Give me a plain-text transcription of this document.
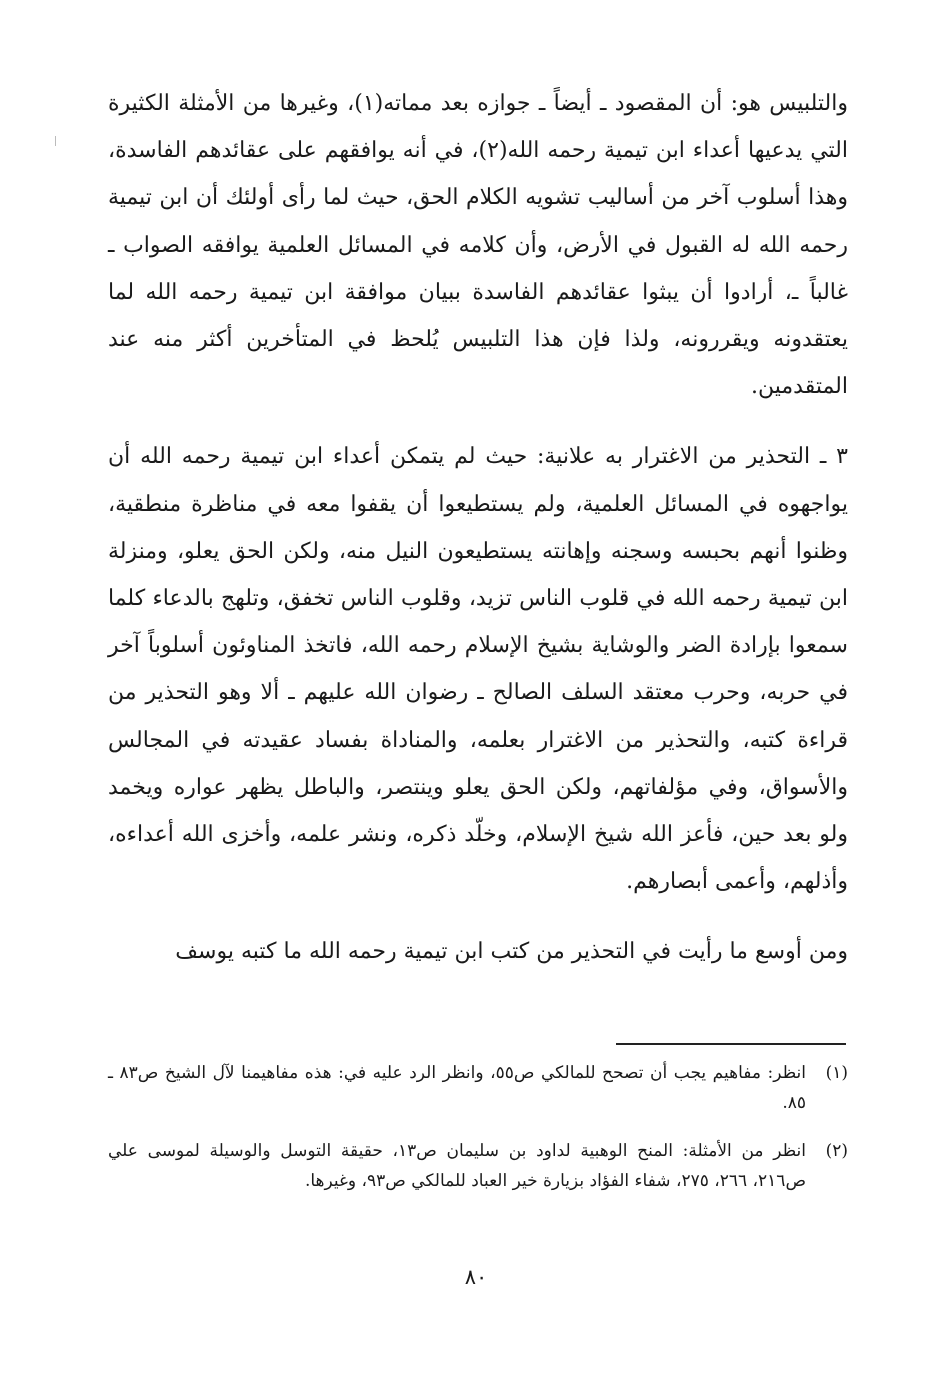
والتلبيس هو: أن المقصود ـ أيضاً ـ جوازه بعد مماته(١)، وغيرها من الأمثلة الكثيرة التي يدعيها أعداء ابن تيمية رحمه الله(٢)، في أنه يوافقهم على عقائدهم الفاسدة، وهذا أسلوب آخر من أساليب تشويه الكلام الحق، حيث لما رأى أولئك أن ابن تيمية رحمه الله له القبول في الأرض، وأن كلامه في المسائل العلمية يوافقه الصواب ـ غالباً ـ، أرادوا أن يبثوا عقائدهم الفاسدة ببيان موافقة ابن تيمية رحمه الله لما يعتقدونه ويقررونه، ولذا فإن هذا التلبيس يُلحظ في المتأخرين أكثر منه عند المتقدمين.

٣ ـ التحذير من الاغترار به علانية: حيث لم يتمكن أعداء ابن تيمية رحمه الله أن يواجهوه في المسائل العلمية، ولم يستطيعوا أن يقفوا معه في مناظرة منطقية، وظنوا أنهم بحبسه وسجنه وإهانته يستطيعون النيل منه، ولكن الحق يعلو، ومنزلة ابن تيمية رحمه الله في قلوب الناس تزيد، وقلوب الناس تخفق، وتلهج بالدعاء كلما سمعوا بإرادة الضر والوشاية بشيخ الإسلام رحمه الله، فاتخذ المناوئون أسلوباً آخر في حربه، وحرب معتقد السلف الصالح ـ رضوان الله عليهم ـ ألا وهو التحذير من قراءة كتبه، والتحذير من الاغترار بعلمه، والمناداة بفساد عقيدته في المجالس والأسواق، وفي مؤلفاتهم، ولكن الحق يعلو وينتصر، والباطل يظهر عواره ويخمد ولو بعد حين، فأعز الله شيخ الإسلام، وخلّد ذكره، ونشر علمه، وأخزى الله أعداءه، وأذلهم، وأعمى أبصارهم.

ومن أوسع ما رأيت في التحذير من كتب ابن تيمية رحمه الله ما كتبه يوسف

(١)
انظر: مفاهيم يجب أن تصحح للمالكي ص٥٥، وانظر الرد عليه في: هذه مفاهيمنا لآل الشيخ ص٨٣ ـ ٨٥.
(٢)
انظر من الأمثلة: المنح الوهبية لداود بن سليمان ص١٣، حقيقة التوسل والوسيلة لموسى علي ص٢١٦، ٢٦٦، ٢٧٥، شفاء الفؤاد بزيارة خير العباد للمالكي ص٩٣، وغيرها.
٨٠
